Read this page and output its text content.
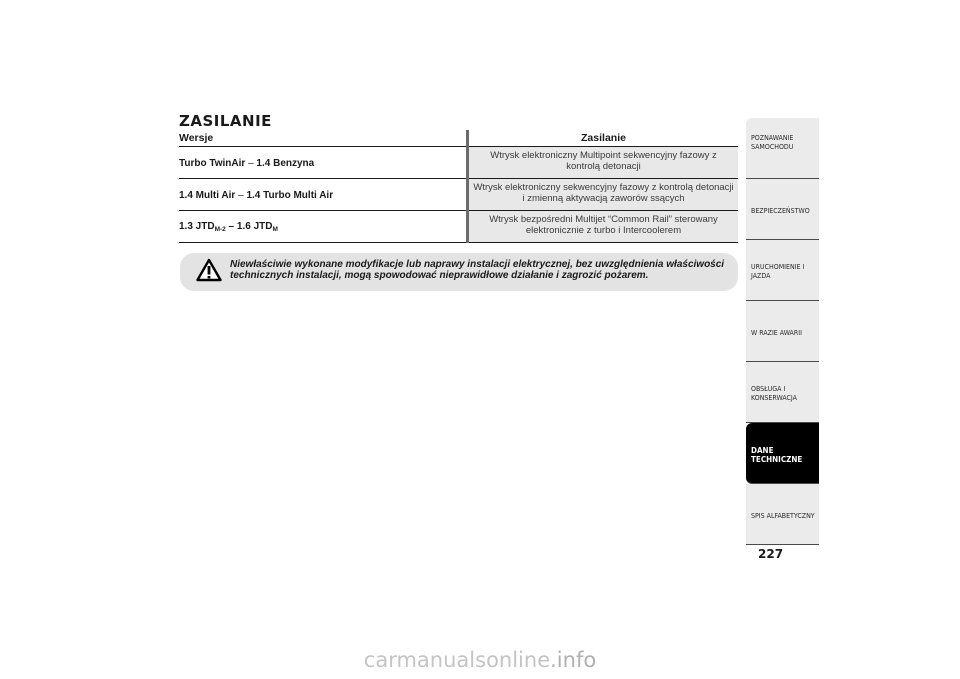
ZASILANIE
Wersje	Zasilanie
Turbo TwinAir – 1.4 Benzyna	Wtrysk elektroniczny Multipoint sekwencyjny fazowy z kontrolą detonacji
1.4 Multi Air – 1.4 Turbo Multi Air	Wtrysk elektroniczny sekwencyjny fazowy z kontrolą detonacji i zmienną aktywacją zaworów ssących
1.3 $JTD_{M-2} - 1.6$ $JTD_M$	Wtrysk bezpośredni Multijet “Common Rail” sterowany elektronicznie z turbo i Intercoolerem
Niewłaściwie wykonane modyfikacje lub naprawy instalacji elektrycznej, bez uwzględnienia właściwości technicznych instalacji, mogą spowodować nieprawidłowe działanie i zagrozić pożarem.
POZNAWANIE
SAMOCHODU
BEZPIECZEŃSTWO
URUCHOMIENIE I
JAZDA
W RAZIE AWARII
OBSŁUGA I
KONSERWACJA
DANE
TECHNICZNE
SPIS ALFABETYCZNY
227
carmanualsonline.info
